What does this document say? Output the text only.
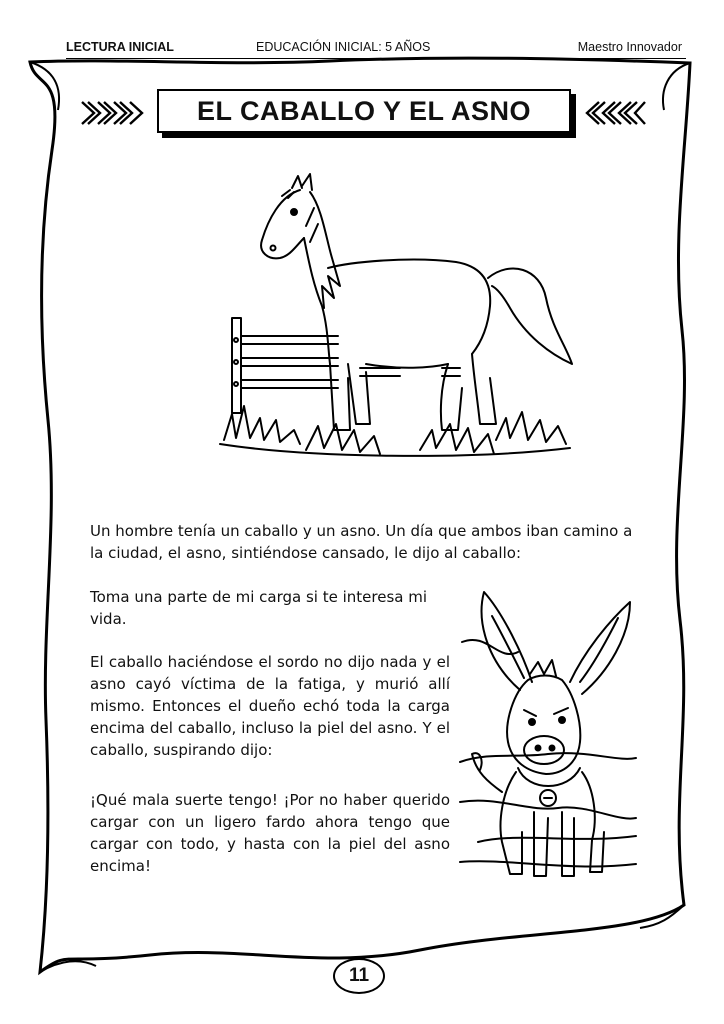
LECTURA INICIAL	EDUCACIÓN INICIAL: 5 AÑOS	Maestro Innovador
EL CABALLO Y EL ASNO

Un hombre tenía un caballo y un asno. Un día que ambos iban camino a la ciudad, el asno, sintiéndose cansado, le dijo al caballo:

Toma una parte de mi carga si te interesa mi vida.

El caballo haciéndose el sordo no dijo nada y el asno cayó víctima de la fatiga, y murió allí mismo. Entonces el dueño echó toda la carga encima del caballo, incluso la piel del asno. Y el caballo, suspirando dijo:

¡Qué mala suerte tengo! ¡Por no haber querido cargar con un ligero fardo ahora tengo que cargar con todo, y hasta con la piel del asno encima!

11
